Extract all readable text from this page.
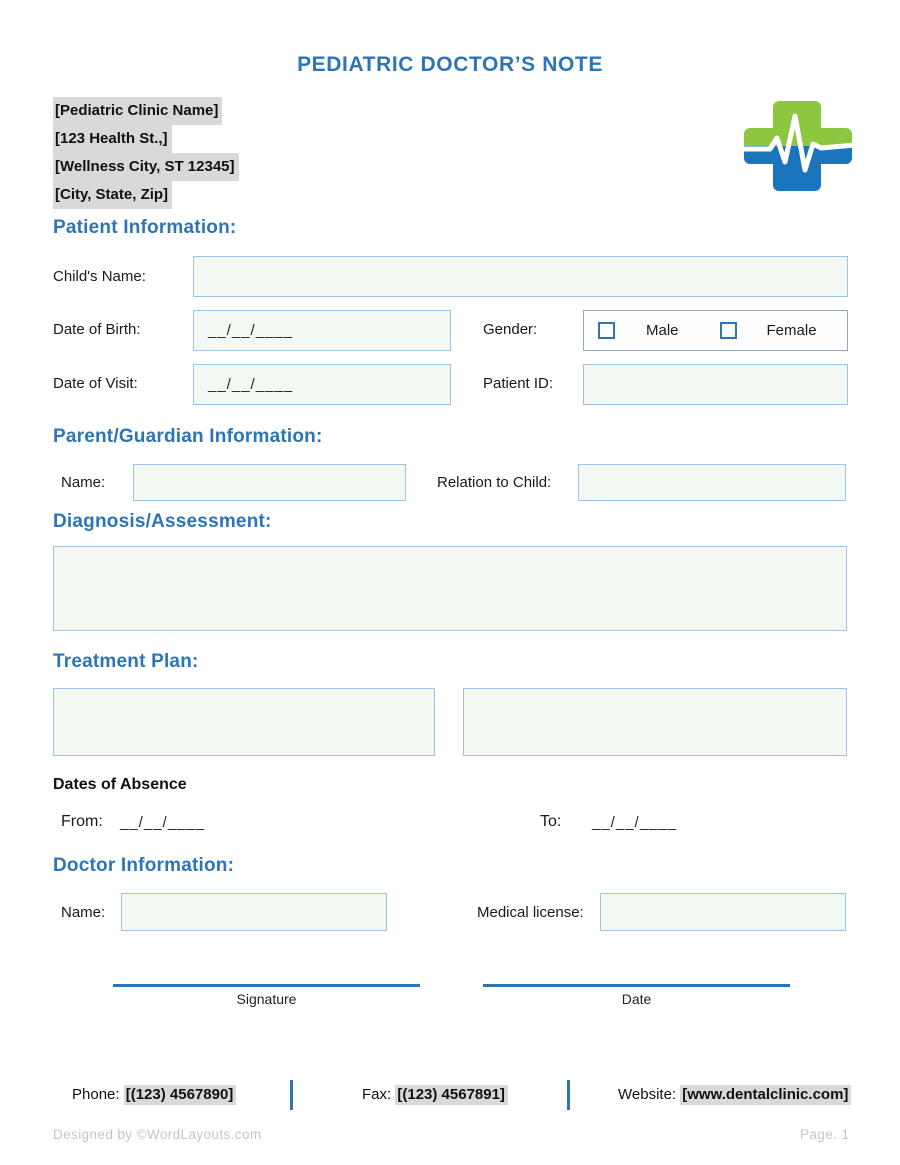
PEDIATRIC DOCTOR’S NOTE
[Pediatric Clinic Name]
[123 Health St.,]
[Wellness City, ST 12345]
[City, State, Zip]
Patient Information:
Child's Name:
Date of Birth:	__/__/____	Gender:	Male	Female
Date of Visit:	__/__/____	Patient ID:
Parent/Guardian Information:
Name:	Relation to Child:
Diagnosis/Assessment:
Treatment Plan:
Dates of Absence
From: __/__/____	To: __/__/____
Doctor Information:
Name:	Medical license:
Signature	Date
Phone: [(123) 4567890]	Fax: [(123) 4567891]	Website: [www.dentalclinic.com]
Designed by ©WordLayouts.com	Page. 1
